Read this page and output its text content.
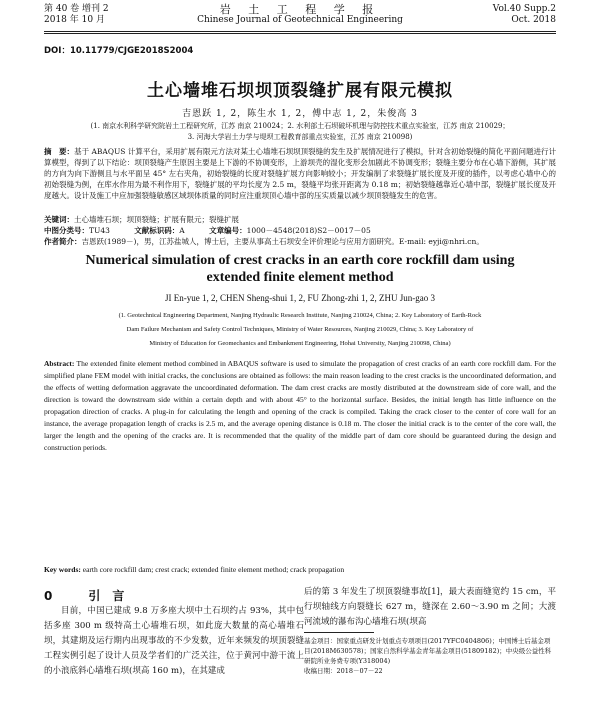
第 40 卷 增刊 2
2018 年 10 月
岩 土 工 程 学 报
Chinese Journal of Geotechnical Engineering
Vol.40 Supp.2
Oct. 2018
DOI：10.11779/CJGE2018S2004
土心墙堆石坝坝顶裂缝扩展有限元模拟
吉恩跃 1, 2，陈生水 1, 2，傅中志 1, 2，朱俊高 3
(1. 南京水利科学研究院岩土工程研究所，江苏 南京 210024；2. 水利部土石坝破坏机理与防控技术重点实验室，江苏 南京 210029；
3. 河海大学岩土力学与堤坝工程教育部重点实验室，江苏 南京 210098)
摘　要：基于 ABAQUS 计算平台，采用扩展有限元方法对某土心墙堆石坝坝顶裂缝的发生及扩展情况进行了模拟，针对含初始裂缝的简化平面问题进行计算模型，得到了以下结论：坝顶裂缝产生原因主要是上下游的不协调变形，上游坝壳的湿化变形会加剧此不协调变形；裂缝主要分布在心墙下游侧，其扩展的方向为向下游侧且与水平面呈 45° 左右夹角，初始裂缝的长度对裂缝扩展方向影响较小；开发编制了求裂缝扩展长度及开度的插件，以考虑心墙中心的初始裂缝为例，在库水作用为最不利作用下，裂缝扩展的平均长度为 2.5 m，裂缝平均张开距离为 0.18 m；初始裂缝越靠近心墙中部，裂缝扩展长度及开度越大。设计及施工中应加强裂缝敏感区域坝体质量的同时应注重坝顶心墙中部的压实质量以减少坝顶裂缝发生的危害。
关键词：土心墙堆石坝；坝顶裂缝；扩展有限元；裂缝扩展
中图分类号：TU43	文献标识码：A	文章编号：1000－4548(2018)S2－0017－05
作者简介：吉恩跃(1989－)，男，江苏盐城人，博士后，主要从事高土石坝安全评价理论与应用方面研究。E-mail: eyji@nhri.cn。
Numerical simulation of crest cracks in an earth core rockfill dam using extended finite element method
JI En-yue 1, 2, CHEN Sheng-shui 1, 2, FU Zhong-zhi 1, 2, ZHU Jun-gao 3
(1. Geotechnical Engineering Department, Nanjing Hydraulic Research Institute, Nanjing 210024, China; 2. Key Laboratory of Earth-Rock
Dam Failure Mechanism and Safety Control Techniques, Ministry of Water Resources, Nanjing 210029, China; 3. Key Laboratory of
Ministry of Education for Geomechanics and Embankment Engineering, Hohai University, Nanjing 210098, China)
Abstract: The extended finite element method combined in ABAQUS software is used to simulate the propagation of crest cracks of an earth core rockfill dam. For the simplified plane FEM model with initial cracks, the conclusions are obtained as follows: the main reason leading to the crest cracks is the uncoordinated deformation, and the effects of wetting deformation aggravate the uncoordinated deformation. The dam crest cracks are mostly distributed at the downstream side of core wall, and the direction is toward the downstream side within a certain depth and with about 45° to the horizontal surface. Besides, the initial length has little influence on the propagation direction of cracks. A plug-in for calculating the length and opening of the crack is compiled. Taking the crack closer to the center of core wall for an instance, the average propagation length of cracks is 2.5 m, and the average opening distance is 0.18 m. The closer the initial crack is to the center of the core wall, the larger the length and the opening of the cracks are. It is recommended that the quality of the middle part of dam core should be guaranteed during the design and construction periods.
Key words: earth core rockfill dam; crest crack; extended finite element method; crack propagation
0	引　言
目前，中国已建成 9.8 万多座大坝中土石坝约占 93%，其中包括多座 300 m 级特高土心墙堆石坝，如此庞大数量的高心墙堆石坝，其建期及运行期内出现事故的不少发数，近年来频发的坝顶裂缝工程实例引起了设计人员及学者们的广泛关注，位于黄河中游干流上的小浪底斜心墙堆石坝(坝高 160 m)，在其建成
后的第 3 年发生了坝顶裂缝事故[1]，最大表面缝宽约 15 cm，平行坝轴线方向裂缝长 627 m，缝深在 2.60～3.90 m 之间；大渡河流域的瀑布沟心墙堆石坝(坝高
基金项目：国家重点研发计划重点专项项目(2017YFC0404806)；中国博士后基金项目(2018M630578)；国家自然科学基金青年基金项目(51809182)；中央级公益性科研院所业务费专项(Y318004)
收稿日期：2018－07－22
